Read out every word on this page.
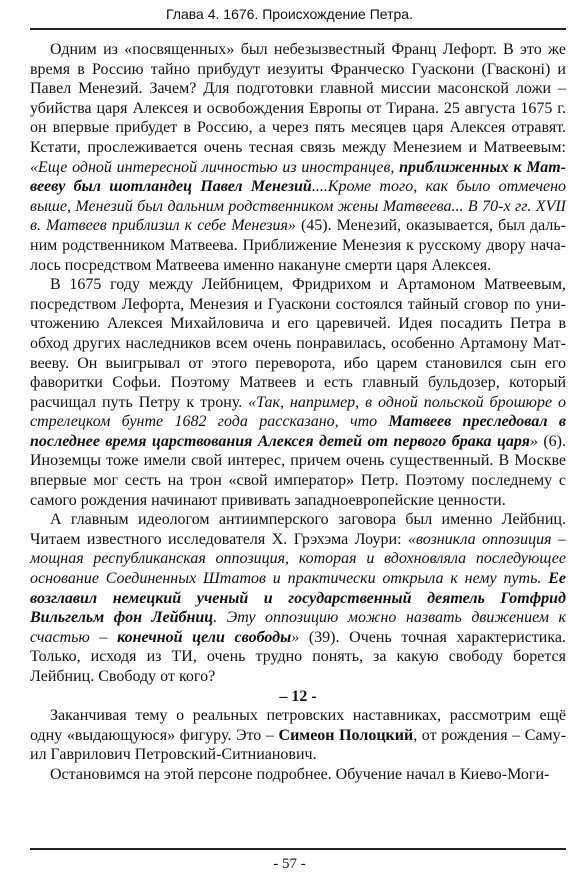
Глава 4. 1676. Происхождение Петра.

Одним из «посвященных» был небезызвестный Франц Лефорт. В это же время в Россию тайно прибудут иезуиты Франческо Гуаскони (Гвасконі) и Павел Менезий. Зачем? Для подготовки главной миссии масонской ложи – убийства царя Алексея и освобождения Европы от Тирана. 25 августа 1675 г. он впервые прибудет в Россию, а через пять месяцев царя Алексея отравят. Кстати, прослеживается очень тесная связь между Менезием и Матвеевым: «Еще одной интересной личностью из иностранцев, приближенных к Матвееву был шотландец Павел Менезий....Кроме того, как было отмечено выше, Менезий был дальним родственником жены Матвеева... В 70-х гг. XVII в. Матвеев приблизил к себе Менезия» (45). Менезий, оказывается, был дальним родственником Матвеева. Приближение Менезия к русскому двору началось посредством Матвеева именно накануне смерти царя Алексея.

В 1675 году между Лейбницем, Фридрихом и Артамоном Матвеевым, посредством Лефорта, Менезия и Гуаскони состоялся тайный сговор по уничтожению Алексея Михайловича и его царевичей. Идея посадить Петра в обход других наследников всем очень понравилась, особенно Артамону Матвееву. Он выигрывал от этого переворота, ибо царем становился сын его фаворитки Софьи. Поэтому Матвеев и есть главный бульдозер, который расчищал путь Петру к трону. «Так, например, в одной польской брошюре о стрелецком бунте 1682 года рассказано, что Матвеев преследовал в последнее время царствования Алексея детей от первого брака царя» (6). Иноземцы тоже имели свой интерес, причем очень существенный. В Москве впервые мог сесть на трон «свой император» Петр. Поэтому последнему с самого рождения начинают прививать западноевропейские ценности.

А главным идеологом антиимперского заговора был именно Лейбниц. Читаем известного исследователя Х. Грэхэма Лоури: «возникла оппозиция – мощная республиканская оппозиция, которая и вдохновляла последующее основание Соединенных Штатов и практически открыла к нему путь. Ее возглавил немецкий ученый и государственный деятель Готфрид Вильгельм фон Лейбниц. Эту оппозицию можно назвать движением к счастью – конечной цели свободы» (39). Очень точная характеристика. Только, исходя из ТИ, очень трудно понять, за какую свободу борется Лейбниц. Свободу от кого?

– 12 -

Заканчивая тему о реальных петровских наставниках, рассмотрим ещё одну «выдающуюся» фигуру. Это – Симеон Полоцкий, от рождения – Самуил Гаврилович Петровский-Ситнианович.

Остановимся на этой персоне подробнее. Обучение начал в Киево-Моги-

- 57 -
